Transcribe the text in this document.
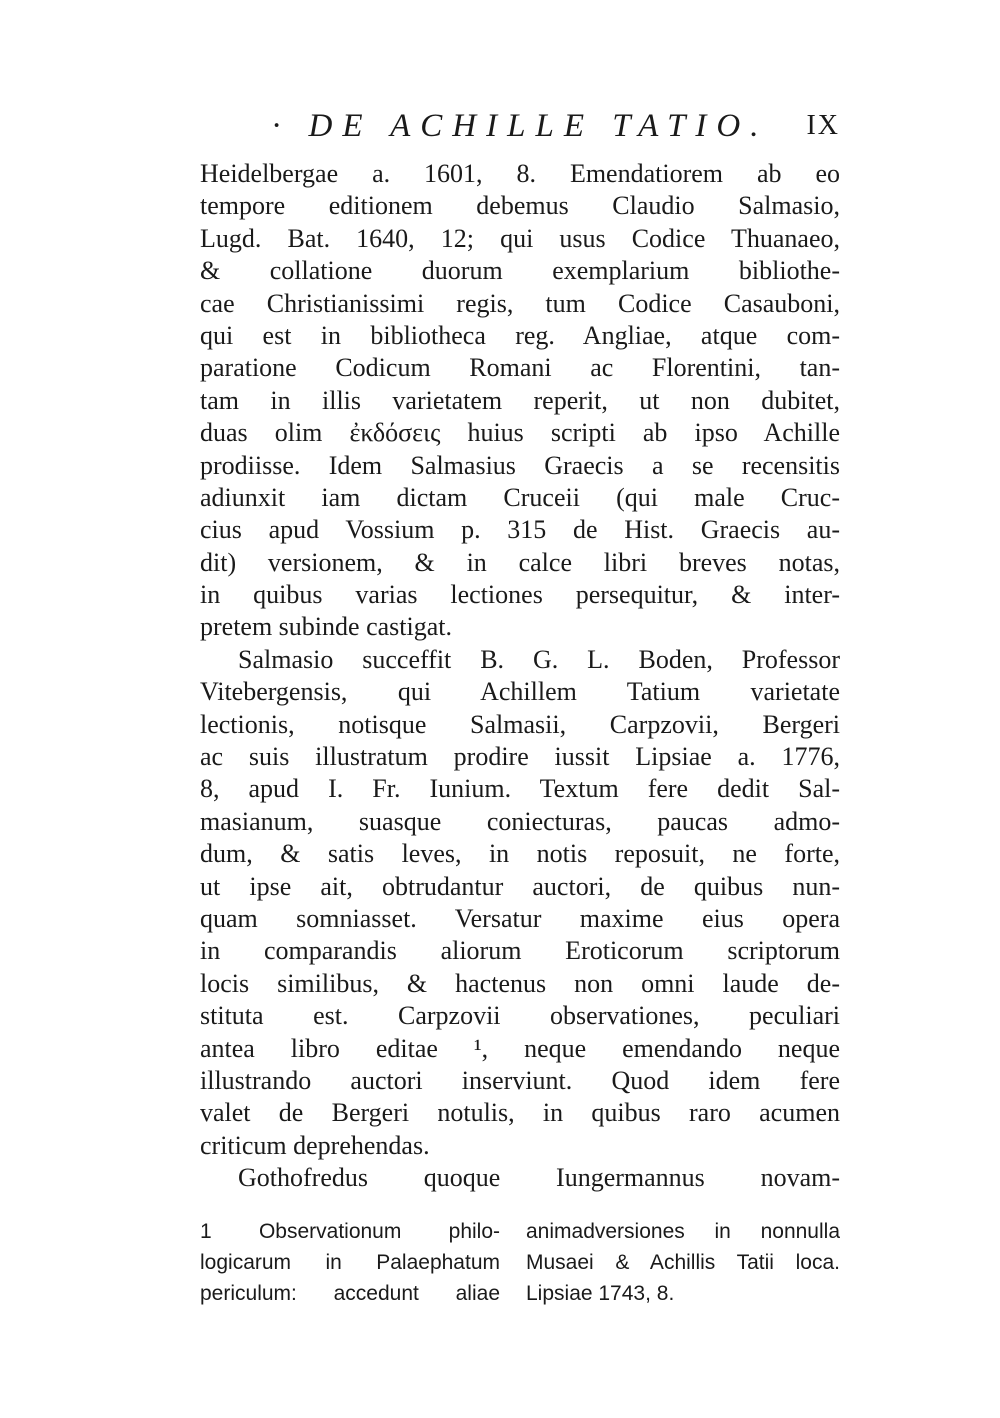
· DE ACHILLE TATIO. IX
Heidelbergae a. 1601, 8. Emendatiorem ab eo
tempore editionem debemus Claudio Salmasio,
Lugd. Bat. 1640, 12; qui usus Codice Thuanaeo,
& collatione duorum exemplarium bibliothe-
cae Christianissimi regis, tum Codice Casauboni,
qui est in bibliotheca reg. Angliae, atque com-
paratione Codicum Romani ac Florentini, tan-
tam in illis varietatem reperit, ut non dubitet,
duas olim ἐκδόσεις huius scripti ab ipso Achille
prodiisse. Idem Salmasius Graecis a se recensitis
adiunxit iam dictam Cruceii (qui male Cruc-
cius apud Vossium p. 315 de Hist. Graecis au-
dit) versionem, & in calce libri breves notas,
in quibus varias lectiones persequitur, & inter-
pretem subinde castigat.
Salmasio succeffit B. G. L. Boden, Professor
Vitebergensis, qui Achillem Tatium varietate
lectionis, notisque Salmasii, Carpzovii, Bergeri
ac suis illustratum prodire iussit Lipsiae a. 1776,
8, apud I. Fr. Iunium. Textum fere dedit Sal-
masianum, suasque coniecturas, paucas admo-
dum, & satis leves, in notis reposuit, ne forte,
ut ipse ait, obtrudantur auctori, de quibus nun-
quam somniasset. Versatur maxime eius opera
in comparandis aliorum Eroticorum scriptorum
locis similibus, & hactenus non omni laude de-
stituta est. Carpzovii observationes, peculiari
antea libro editae ¹, neque emendando neque
illustrando auctori inserviunt. Quod idem fere
valet de Bergeri notulis, in quibus raro acumen
criticum deprehendas.
Gothofredus quoque Iungermannus novam-
1 Observationum philo-
logicarum in Palaephatum
periculum: accedunt aliae
animadversiones in nonnulla
Musaei & Achillis Tatii loca.
Lipsiae 1743, 8.
